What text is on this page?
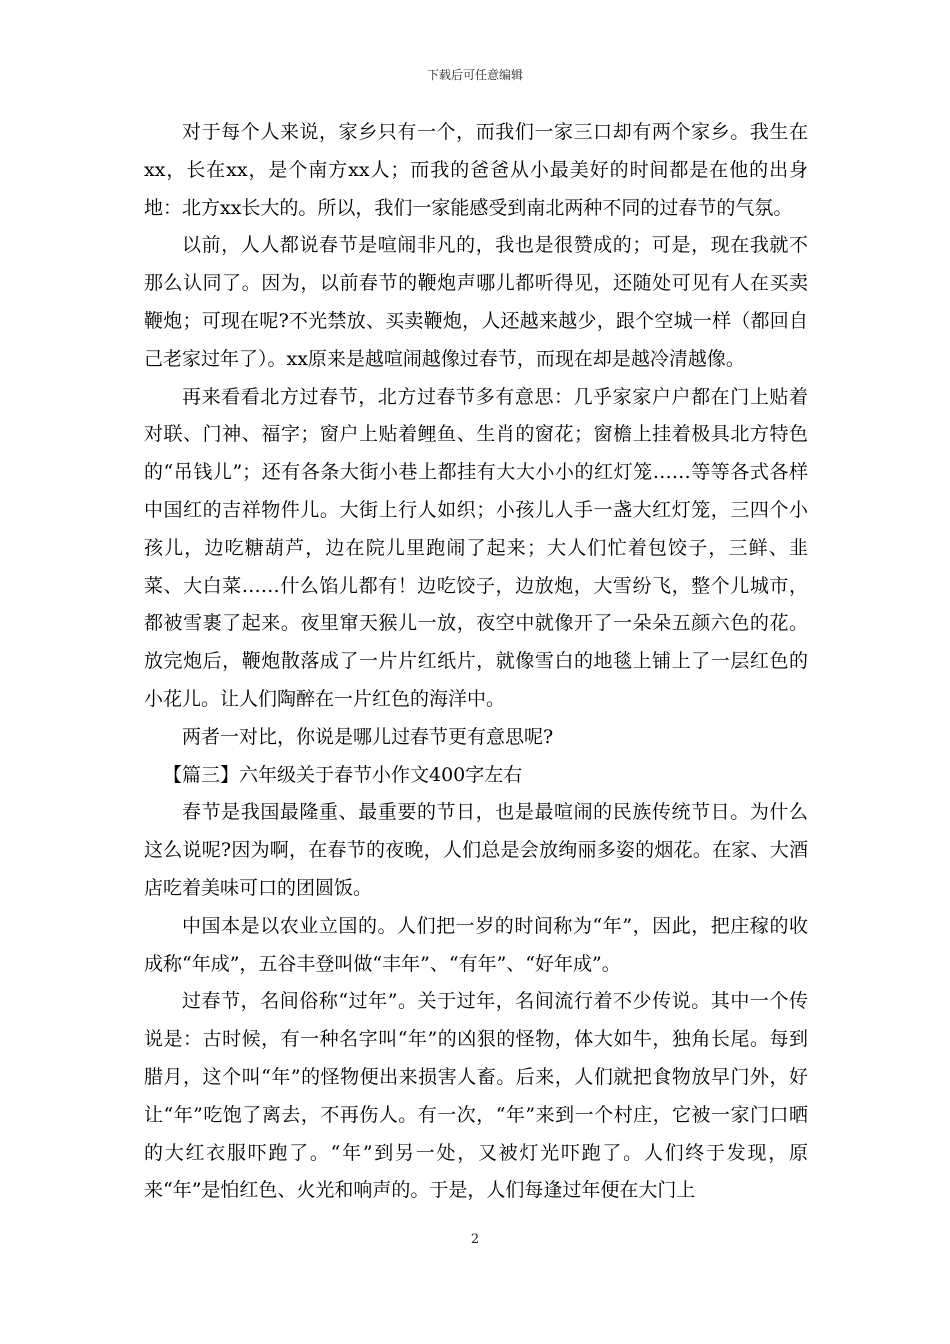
下载后可任意编辑

对于每个人来说，家乡只有一个，而我们一家三口却有两个家乡。我生在xx，长在xx，是个南方xx人；而我的爸爸从小最美好的时间都是在他的出身地：北方xx长大的。所以，我们一家能感受到南北两种不同的过春节的气氛。

以前，人人都说春节是喧闹非凡的，我也是很赞成的；可是，现在我就不那么认同了。因为，以前春节的鞭炮声哪儿都听得见，还随处可见有人在买卖鞭炮；可现在呢?不光禁放、买卖鞭炮，人还越来越少，跟个空城一样（都回自己老家过年了）。xx原来是越喧闹越像过春节，而现在却是越冷清越像。

再来看看北方过春节，北方过春节多有意思：几乎家家户户都在门上贴着对联、门神、福字；窗户上贴着鲤鱼、生肖的窗花；窗檐上挂着极具北方特色的“吊钱儿”；还有各条大街小巷上都挂有大大小小的红灯笼……等等各式各样中国红的吉祥物件儿。大街上行人如织；小孩儿人手一盏大红灯笼，三四个小孩儿，边吃糖葫芦，边在院儿里跑闹了起来；大人们忙着包饺子，三鲜、韭菜、大白菜……什么馅儿都有！边吃饺子，边放炮，大雪纷飞，整个儿城市，都被雪裹了起来。夜里窜天猴儿一放，夜空中就像开了一朵朵五颜六色的花。放完炮后，鞭炮散落成了一片片红纸片，就像雪白的地毯上铺上了一层红色的小花儿。让人们陶醉在一片红色的海洋中。

两者一对比，你说是哪儿过春节更有意思呢?

【篇三】六年级关于春节小作文400字左右

春节是我国最隆重、最重要的节日，也是最喧闹的民族传统节日。为什么这么说呢?因为啊，在春节的夜晚，人们总是会放绚丽多姿的烟花。在家、大酒店吃着美味可口的团圆饭。

中国本是以农业立国的。人们把一岁的时间称为“年”，因此，把庄稼的收成称“年成”，五谷丰登叫做“丰年”、“有年”、“好年成”。

过春节，名间俗称“过年”。关于过年，名间流行着不少传说。其中一个传说是：古时候，有一种名字叫“年”的凶狠的怪物，体大如牛，独角长尾。每到腊月，这个叫“年”的怪物便出来损害人畜。后来，人们就把食物放早门外，好让“年”吃饱了离去，不再伤人。有一次，“年”来到一个村庄，它被一家门口晒的大红衣服吓跑了。“年”到另一处，又被灯光吓跑了。人们终于发现，原来“年”是怕红色、火光和响声的。于是，人们每逢过年便在大门上

2
